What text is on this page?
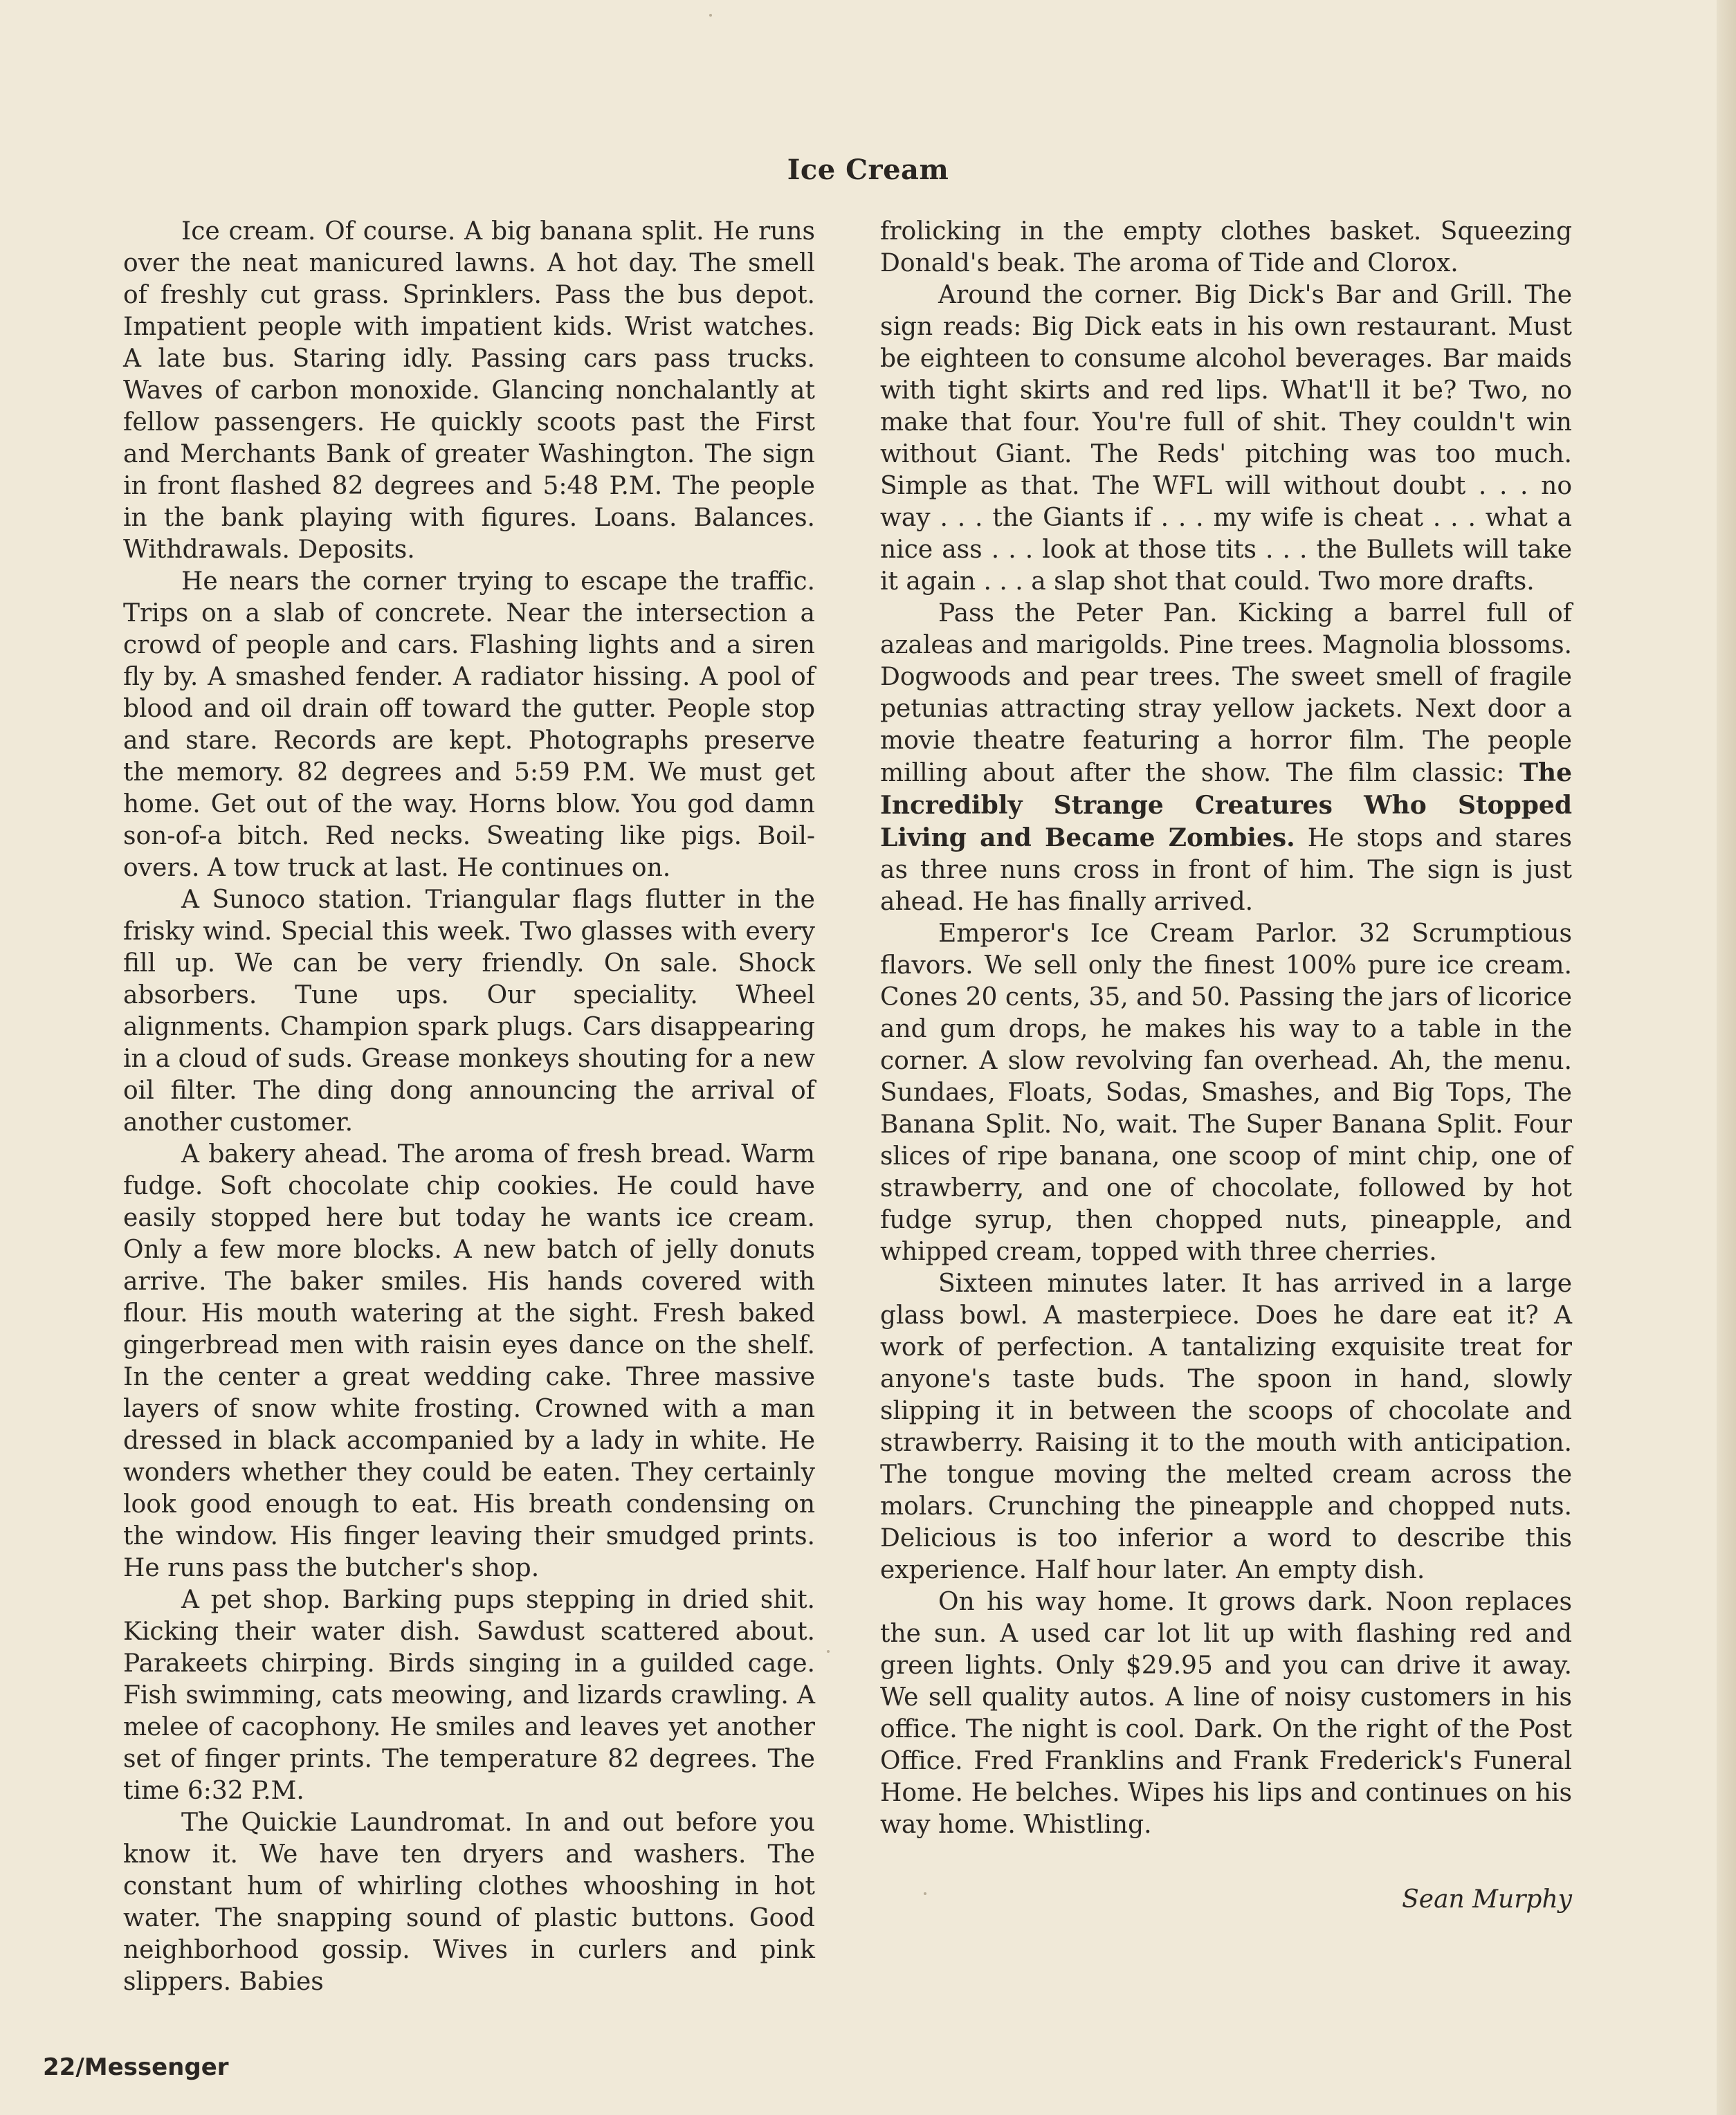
Ice Cream

Ice cream. Of course. A big banana split. He runs over the neat manicured lawns. A hot day. The smell of freshly cut grass. Sprinklers. Pass the bus depot. Impatient people with impatient kids. Wrist watches. A late bus. Staring idly. Passing cars pass trucks. Waves of carbon monoxide. Glancing nonchalantly at fellow passengers. He quickly scoots past the First and Merchants Bank of greater Washington. The sign in front flashed 82 degrees and 5:48 P.M. The people in the bank playing with figures. Loans. Balances. Withdrawals. Deposits.

He nears the corner trying to escape the traffic. Trips on a slab of concrete. Near the intersection a crowd of people and cars. Flashing lights and a siren fly by. A smashed fender. A radiator hissing. A pool of blood and oil drain off toward the gutter. People stop and stare. Records are kept. Photographs preserve the memory. 82 degrees and 5:59 P.M. We must get home. Get out of the way. Horns blow. You god damn son-of-a bitch. Red necks. Sweating like pigs. Boil-overs. A tow truck at last. He continues on.

A Sunoco station. Triangular flags flutter in the frisky wind. Special this week. Two glasses with every fill up. We can be very friendly. On sale. Shock absorbers. Tune ups. Our speciality. Wheel alignments. Champion spark plugs. Cars disappearing in a cloud of suds. Grease monkeys shouting for a new oil filter. The ding dong announcing the arrival of another customer.

A bakery ahead. The aroma of fresh bread. Warm fudge. Soft chocolate chip cookies. He could have easily stopped here but today he wants ice cream. Only a few more blocks. A new batch of jelly donuts arrive. The baker smiles. His hands covered with flour. His mouth watering at the sight. Fresh baked gingerbread men with raisin eyes dance on the shelf. In the center a great wedding cake. Three massive layers of snow white frosting. Crowned with a man dressed in black accompanied by a lady in white. He wonders whether they could be eaten. They certainly look good enough to eat. His breath condensing on the window. His finger leaving their smudged prints. He runs pass the butcher's shop.

A pet shop. Barking pups stepping in dried shit. Kicking their water dish. Sawdust scattered about. Parakeets chirping. Birds singing in a guilded cage. Fish swimming, cats meowing, and lizards crawling. A melee of cacophony. He smiles and leaves yet another set of finger prints. The temperature 82 degrees. The time 6:32 P.M.

The Quickie Laundromat. In and out before you know it. We have ten dryers and washers. The constant hum of whirling clothes whooshing in hot water. The snapping sound of plastic buttons. Good neighborhood gossip. Wives in curlers and pink slippers. Babies

frolicking in the empty clothes basket. Squeezing Donald's beak. The aroma of Tide and Clorox.

Around the corner. Big Dick's Bar and Grill. The sign reads: Big Dick eats in his own restaurant. Must be eighteen to consume alcohol beverages. Bar maids with tight skirts and red lips. What'll it be? Two, no make that four. You're full of shit. They couldn't win without Giant. The Reds' pitching was too much. Simple as that. The WFL will without doubt . . . no way . . . the Giants if . . . my wife is cheat . . . what a nice ass . . . look at those tits . . . the Bullets will take it again . . . a slap shot that could. Two more drafts.

Pass the Peter Pan. Kicking a barrel full of azaleas and marigolds. Pine trees. Magnolia blossoms. Dogwoods and pear trees. The sweet smell of fragile petunias attracting stray yellow jackets. Next door a movie theatre featuring a horror film. The people milling about after the show. The film classic: The Incredibly Strange Creatures Who Stopped Living and Became Zombies. He stops and stares as three nuns cross in front of him. The sign is just ahead. He has finally arrived.

Emperor's Ice Cream Parlor. 32 Scrumptious flavors. We sell only the finest 100% pure ice cream. Cones 20 cents, 35, and 50. Passing the jars of licorice and gum drops, he makes his way to a table in the corner. A slow revolving fan overhead. Ah, the menu. Sundaes, Floats, Sodas, Smashes, and Big Tops, The Banana Split. No, wait. The Super Banana Split. Four slices of ripe banana, one scoop of mint chip, one of strawberry, and one of chocolate, followed by hot fudge syrup, then chopped nuts, pineapple, and whipped cream, topped with three cherries.

Sixteen minutes later. It has arrived in a large glass bowl. A masterpiece. Does he dare eat it? A work of perfection. A tantalizing exquisite treat for anyone's taste buds. The spoon in hand, slowly slipping it in between the scoops of chocolate and strawberry. Raising it to the mouth with anticipation. The tongue moving the melted cream across the molars. Crunching the pineapple and chopped nuts. Delicious is too inferior a word to describe this experience. Half hour later. An empty dish.

On his way home. It grows dark. Noon replaces the sun. A used car lot lit up with flashing red and green lights. Only $29.95 and you can drive it away. We sell quality autos. A line of noisy customers in his office. The night is cool. Dark. On the right of the Post Office. Fred Franklins and Frank Frederick's Funeral Home. He belches. Wipes his lips and continues on his way home. Whistling.

Sean Murphy
22/Messenger
